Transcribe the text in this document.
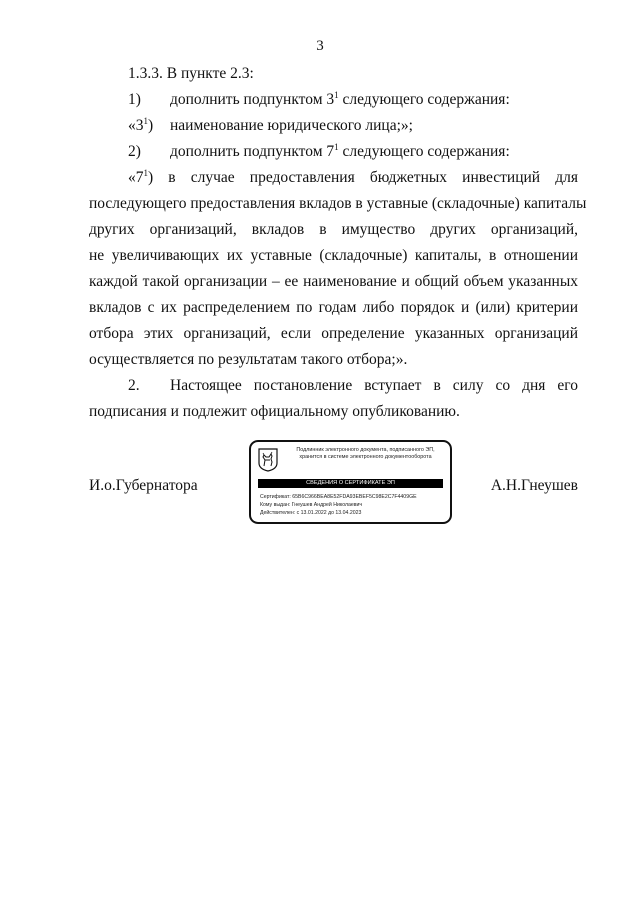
3
1.3.3. В пункте 2.3:
1) дополнить подпунктом $3^1$ следующего содержания:
«$3^1$) наименование юридического лица;»;
2) дополнить подпунктом $7^1$ следующего содержания:
«$7^1$) в случае предоставления бюджетных инвестиций для
последующего предоставления вкладов в уставные (складочные) капиталы
других организаций, вкладов в имущество других организаций,
не увеличивающих их уставные (складочные) капиталы, в отношении
каждой такой организации – ее наименование и общий объем указанных
вкладов с их распределением по годам либо порядок и (или) критерии
отбора этих организаций, если определение указанных организаций
осуществляется по результатам такого отбора;».
2. Настоящее постановление вступает в силу со дня его
подписания и подлежит официальному опубликованию.
И.о.Губернатора	А.Н.Гнеушев
Подлинник электронного документа, подписанного ЭП,
хранится в системе электронного документооборота
СВЕДЕНИЯ О СЕРТИФИКАТЕ ЭП
Сертификат: 65B6C966BEA8E52FDA93EBEF5C98E2C7F4409GE
Кому выдан: Гнеушев Андрей Николаевич
Действителен: с 13.01.2022 до 13.04.2023
